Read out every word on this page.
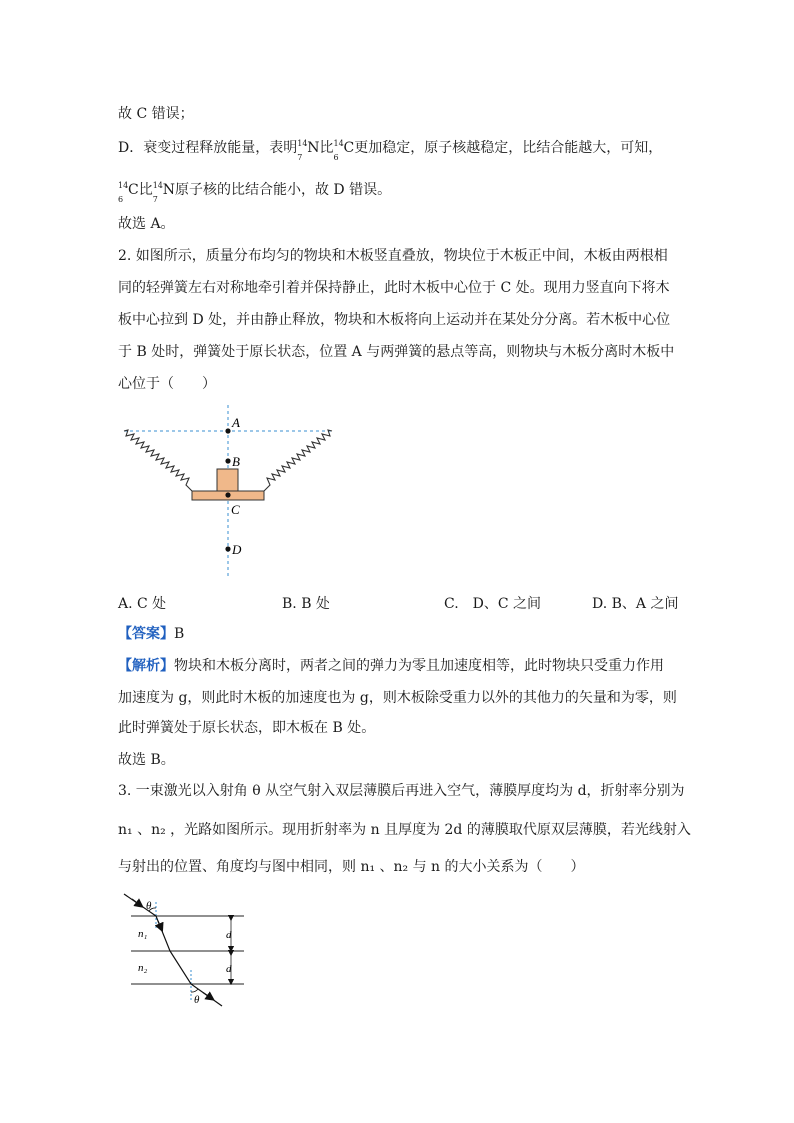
故 C 错误；
D．衰变过程释放能量，表明 14
7
N比 14
6
C更加稳定，原子核越稳定，比结合能越大，可知，
14
6
C比 14
7
N原子核的比结合能小，故 D 错误。
故选 A。
2. 如图所示，质量分布均匀的物块和木板竖直叠放，物块位于木板正中间，木板由两根相
同的轻弹簧左右对称地牵引着并保持静止，此时木板中心位于 C 处。现用力竖直向下将木
板中心拉到 D 处，并由静止释放，物块和木板将向上运动并在某处分分离。若木板中心位
于 B 处时，弹簧处于原长状态，位置 A 与两弹簧的悬点等高，则物块与木板分离时木板中
心位于（　　）
A
B
C
D
A. C 处	B. B 处	C.　D、C 之间	D. B、A 之间
【答案】B
【解析】物块和木板分离时，两者之间的弹力为零且加速度相等，此时物块只受重力作用
加速度为 g，则此时木板的加速度也为 g，则木板除受重力以外的其他力的矢量和为零，则
此时弹簧处于原长状态，即木板在 B 处。
故选 B。
3. 一束激光以入射角 θ 从空气射入双层薄膜后再进入空气，薄膜厚度均为 d，折射率分别为
n₁ 、n₂ ，光路如图所示。现用折射率为 n 且厚度为 2d 的薄膜取代原双层薄膜，若光线射入
与射出的位置、角度均与图中相同，则 n₁ 、n₂ 与 n 的大小关系为（　　）
θ
θ
n₁
n₂
d
d
